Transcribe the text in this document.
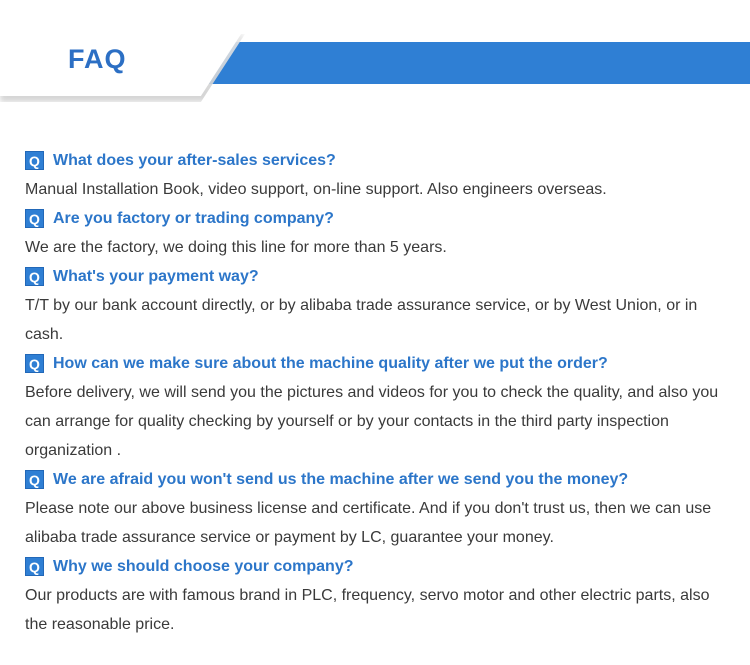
FAQ
Q What does your after-sales services?
Manual Installation Book, video support, on-line support. Also engineers overseas.
Q Are you factory or trading company?
We are the factory, we doing this line for more than 5 years.
Q What's your payment way?
T/T by our bank account directly, or by alibaba trade assurance service, or by West Union, or in cash.
Q How can we make sure about the machine quality after we put the order?
Before delivery, we will send you the pictures and videos for you to check the quality, and also you can arrange for quality checking by yourself or by your contacts in the third party inspection organization .
Q We are afraid you won't send us the machine after we send you the money?
Please note our above business license and certificate. And if you don't trust us, then we can use alibaba trade assurance service or payment by LC, guarantee your money.
Q Why we should choose your company?
Our products are with famous brand in PLC, frequency, servo motor and other electric parts, also the reasonable price.
